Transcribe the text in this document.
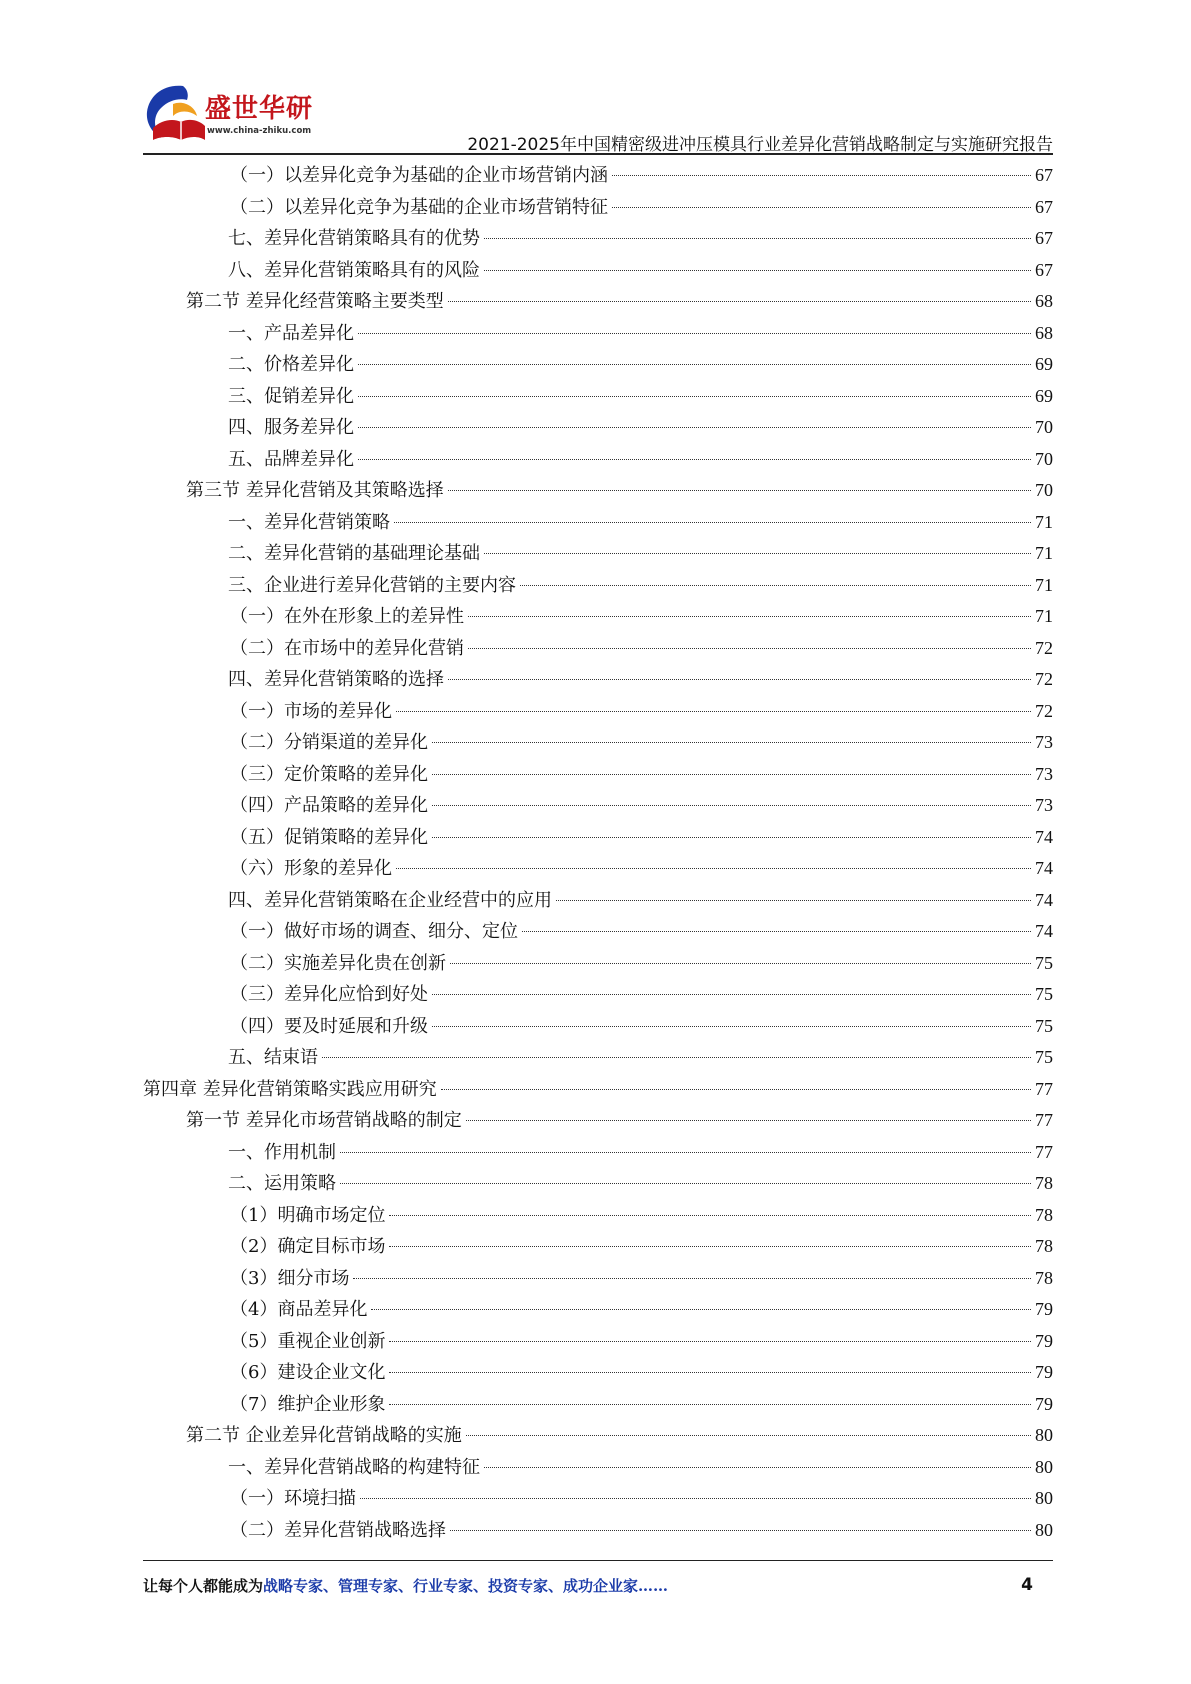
盛世华研
www.china-zhiku.com
2021-2025年中国精密级进冲压模具行业差异化营销战略制定与实施研究报告
（一）以差异化竞争为基础的企业市场营销内涵	67
（二）以差异化竞争为基础的企业市场营销特征	67
七、差异化营销策略具有的优势	67
八、差异化营销策略具有的风险	67
第二节 差异化经营策略主要类型	68
一、产品差异化	68
二、价格差异化	69
三、促销差异化	69
四、服务差异化	70
五、品牌差异化	70
第三节 差异化营销及其策略选择	70
一、差异化营销策略	71
二、差异化营销的基础理论基础	71
三、企业进行差异化营销的主要内容	71
（一）在外在形象上的差异性	71
（二）在市场中的差异化营销	72
四、差异化营销策略的选择	72
（一）市场的差异化	72
（二）分销渠道的差异化	73
（三）定价策略的差异化	73
（四）产品策略的差异化	73
（五）促销策略的差异化	74
（六）形象的差异化	74
四、差异化营销策略在企业经营中的应用	74
（一）做好市场的调查、细分、定位	74
（二）实施差异化贵在创新	75
（三）差异化应恰到好处	75
（四）要及时延展和升级	75
五、结束语	75
第四章 差异化营销策略实践应用研究	77
第一节 差异化市场营销战略的制定	77
一、作用机制	77
二、运用策略	78
（1）明确市场定位	78
（2）确定目标市场	78
（3）细分市场	78
（4）商品差异化	79
（5）重视企业创新	79
（6）建设企业文化	79
（7）维护企业形象	79
第二节 企业差异化营销战略的实施	80
一、差异化营销战略的构建特征	80
（一）环境扫描	80
（二）差异化营销战略选择	80
让每个人都能成为战略专家、管理专家、行业专家、投资专家、成功企业家……	4
